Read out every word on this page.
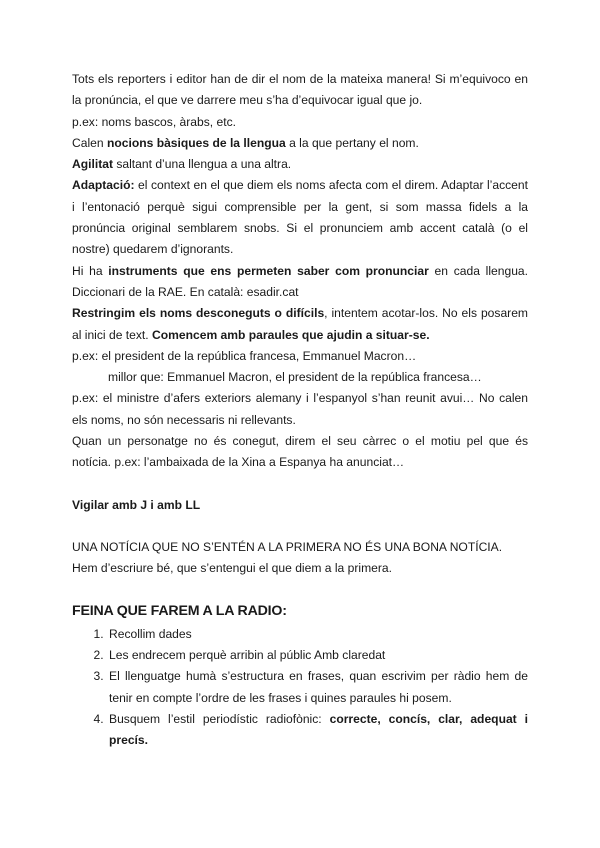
Tots els reporters i editor han de dir el nom de la mateixa manera! Si m’equivoco en

la pronúncia, el que ve darrere meu s’ha d’equivocar igual que jo.

p.ex: noms bascos, àrabs, etc.

Calen nocions bàsiques de la llengua a la que pertany el nom.

Agilitat saltant d’una llengua a una altra.

Adaptació: el context en el que diem els noms afecta com el direm. Adaptar l’accent i l’entonació perquè sigui comprensible per la gent, si som massa fidels a la pronúncia original semblarem snobs. Si el pronunciem amb accent català (o el nostre) quedarem d’ignorants.

Hi ha instruments que ens permeten saber com pronunciar en cada llengua.

Diccionari de la RAE. En català: esadir.cat

Restringim els noms desconeguts o difícils, intentem acotar-los. No els posarem al inici de text. Comencem amb paraules que ajudin a situar-se.

p.ex: el president de la república francesa, Emmanuel Macron…

millor que: Emmanuel Macron, el president de la república francesa…

p.ex: el ministre d’afers exteriors alemany i l’espanyol s’han reunit avui… No calen els noms, no són necessaris ni rellevants.

Quan un personatge no és conegut, direm el seu càrrec o el motiu pel que és notícia. p.ex: l’ambaixada de la Xina a Espanya ha anunciat…

Vigilar amb J i amb LL

UNA NOTÍCIA QUE NO S’ENTÉN A LA PRIMERA NO ÉS UNA BONA NOTÍCIA.

Hem d’escriure bé, que s’entengui el que diem a la primera.

FEINA QUE FAREM A LA RADIO:

1. Recollim dades
2. Les endrecem perquè arribin al públic Amb claredat
3. El llenguatge humà s’estructura en frases, quan escrivim per ràdio hem de tenir en compte l’ordre de les frases i quines paraules hi posem.
4. Busquem l’estil periodístic radiofònic: correcte, concís, clar, adequat i precís.
